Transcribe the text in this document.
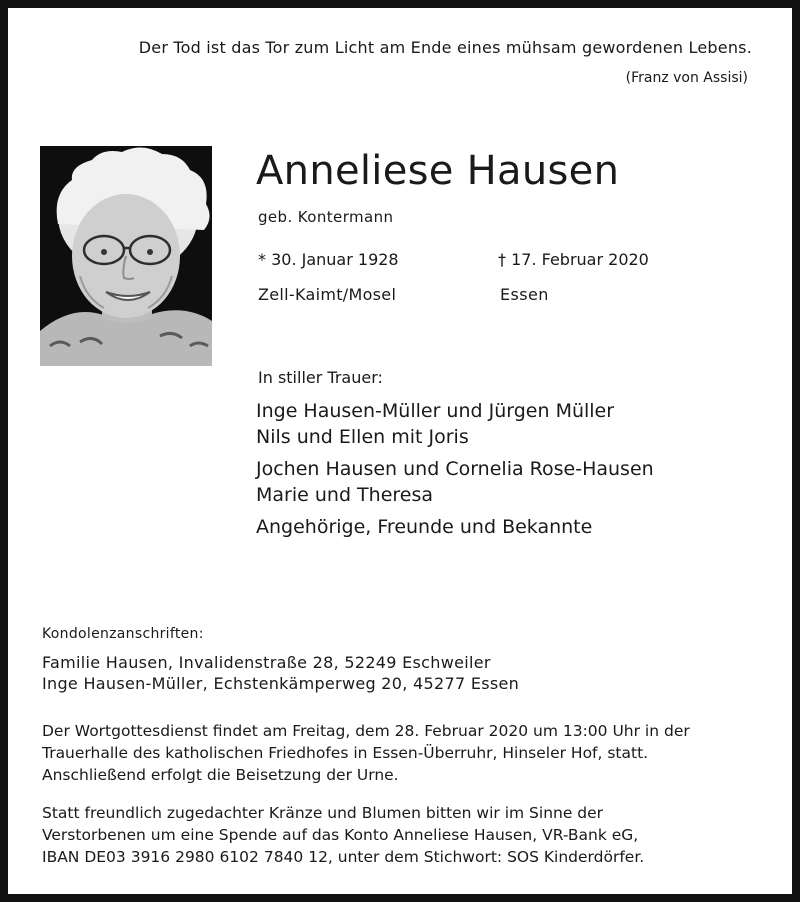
Der Tod ist das Tor zum Licht am Ende eines mühsam gewordenen Lebens.
(Franz von Assisi)
Anneliese Hausen
geb. Kontermann
* 30. Januar 1928	† 17. Februar 2020
Zell-Kaimt/Mosel	Essen
In stiller Trauer:
Inge Hausen-Müller und Jürgen Müller
Nils und Ellen mit Joris
Jochen Hausen und Cornelia Rose-Hausen
Marie und Theresa
Angehörige, Freunde und Bekannte
Kondolenzanschriften:
Familie Hausen, Invalidenstraße 28, 52249 Eschweiler
Inge Hausen-Müller, Echstenkämperweg 20, 45277 Essen
Der Wortgottesdienst findet am Freitag, dem 28. Februar 2020 um 13:00 Uhr in der
Trauerhalle des katholischen Friedhofes in Essen-Überruhr, Hinseler Hof, statt.
Anschließend erfolgt die Beisetzung der Urne.
Statt freundlich zugedachter Kränze und Blumen bitten wir im Sinne der
Verstorbenen um eine Spende auf das Konto Anneliese Hausen, VR-Bank eG,
IBAN DE03 3916 2980 6102 7840 12, unter dem Stichwort: SOS Kinderdörfer.
